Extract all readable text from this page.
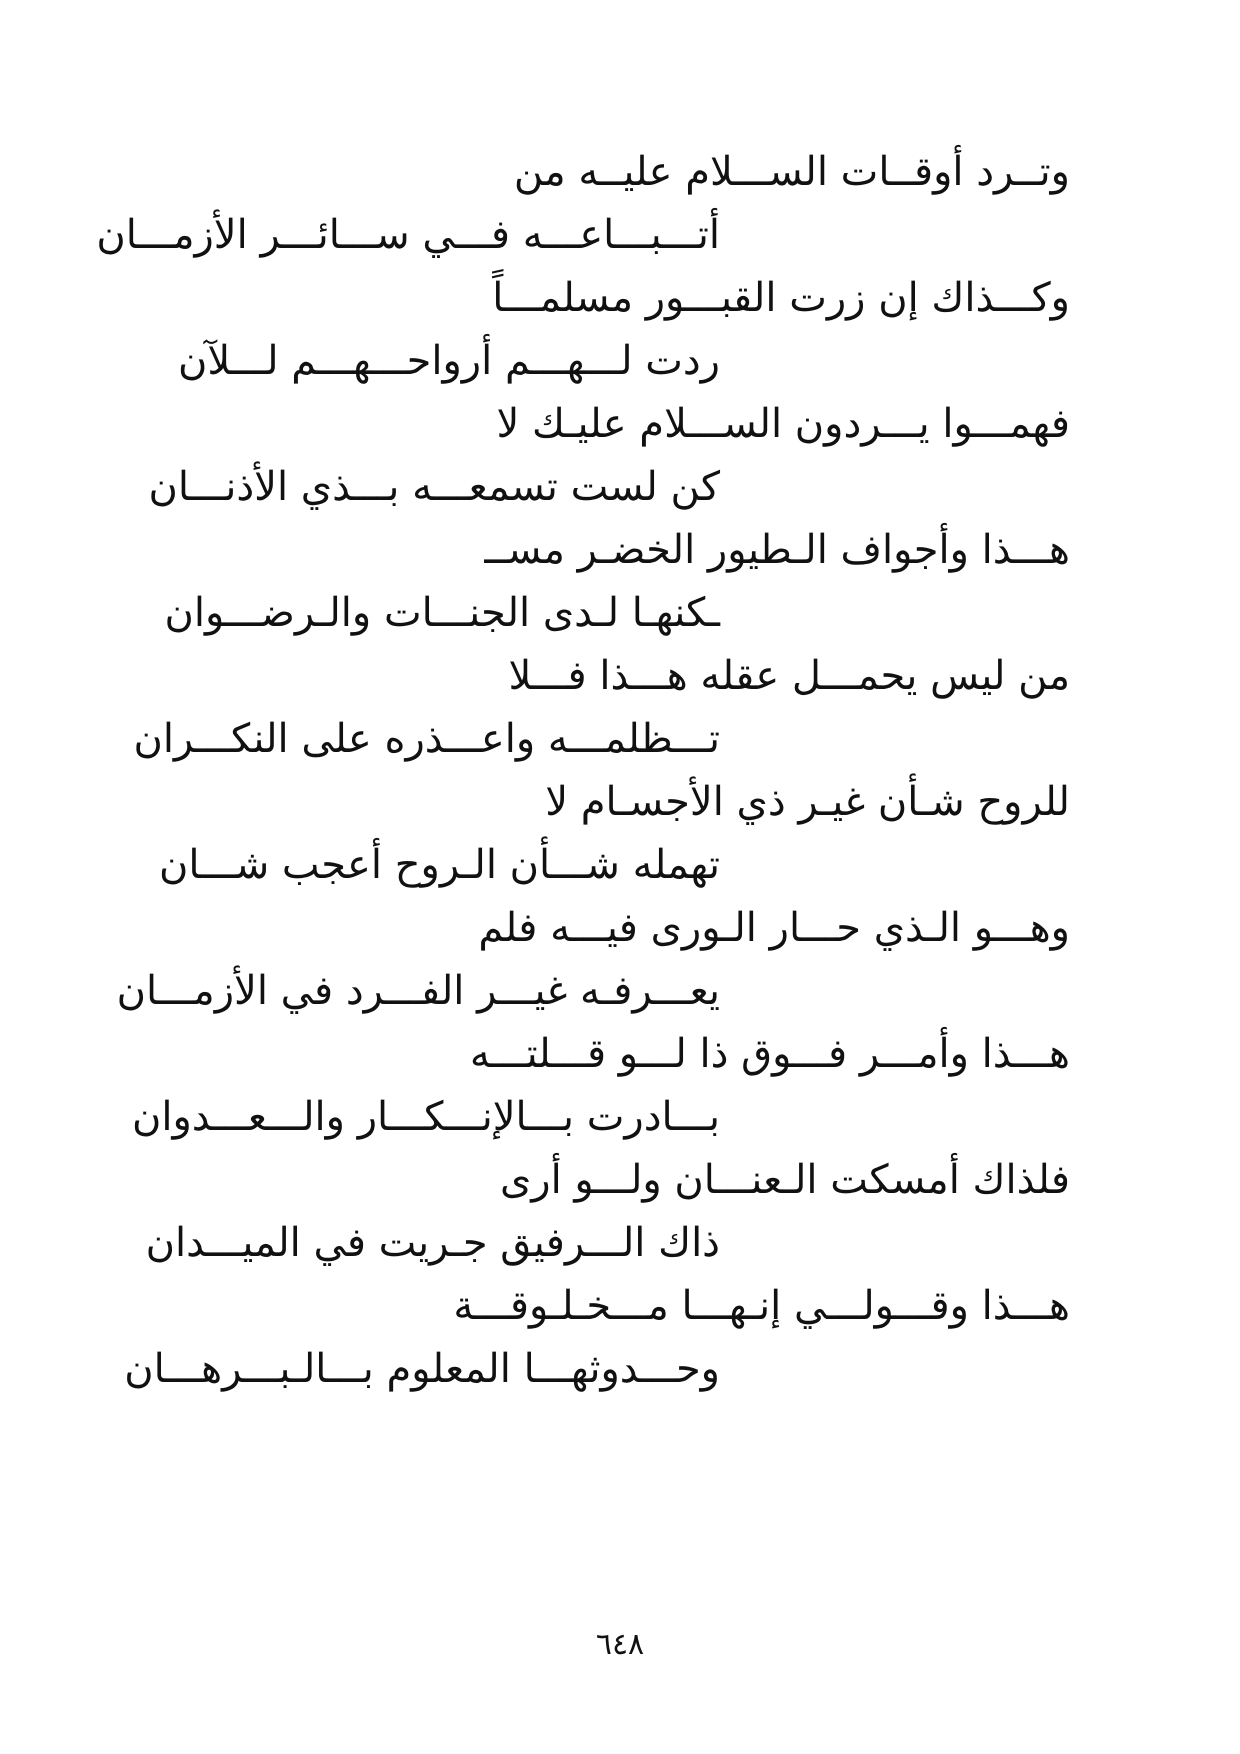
وتــرد أوقــات الســـلام عليــه من
أتـــبـــاعـــه فـــي ســـائـــر الأزمـــان
وكـــذاك إن زرت القبـــور مسلمـــاً
ردت لـــهـــم أرواحـــهـــم لـــلآن
فهمـــوا يـــردون الســـلام عليـك لا
كن لست تسمعـــه بـــذي الأذنـــان
هـــذا وأجواف الـطيور الخضـر مســ
ـكنهـا لـدى الجنـــات والـرضـــوان
من ليس يحمـــل عقله هـــذا فـــلا
تـــظلمـــه واعـــذره على النكـــران
للروح شـأن غيـر ذي الأجسـام لا
تهمله شـــأن الـروح أعجب شـــان
وهـــو الـذي حـــار الـورى فيـــه فلم
يعـــرفـه غيـــر الفـــرد في الأزمـــان
هـــذا وأمـــر فـــوق ذا لـــو قـــلتـــه
بـــادرت بـــالإنـــكـــار والـــعـــدوان
فلذاك أمسكت الـعنـــان ولـــو أرى
ذاك الـــرفيق جـريت في الميـــدان
هـــذا وقـــولـــي إنـهـــا مـــخـلـوقـــة
وحـــدوثهـــا المعلوم بـــالـبـــرهـــان
٦٤٨
